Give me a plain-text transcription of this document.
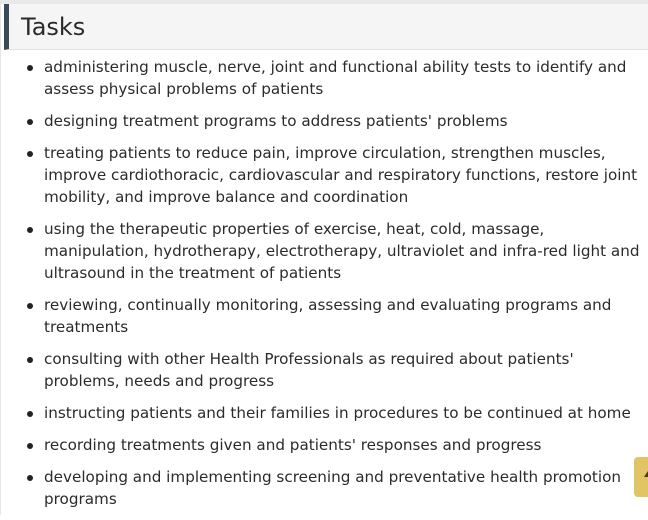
Tasks
administering muscle, nerve, joint and functional ability tests to identify and assess physical problems of patients
designing treatment programs to address patients' problems
treating patients to reduce pain, improve circulation, strengthen muscles, improve cardiothoracic, cardiovascular and respiratory functions, restore joint mobility, and improve balance and coordination
using the therapeutic properties of exercise, heat, cold, massage, manipulation, hydrotherapy, electrotherapy, ultraviolet and infra-red light and ultrasound in the treatment of patients
reviewing, continually monitoring, assessing and evaluating programs and treatments
consulting with other Health Professionals as required about patients' problems, needs and progress
instructing patients and their families in procedures to be continued at home
recording treatments given and patients' responses and progress
developing and implementing screening and preventative health promotion programs
